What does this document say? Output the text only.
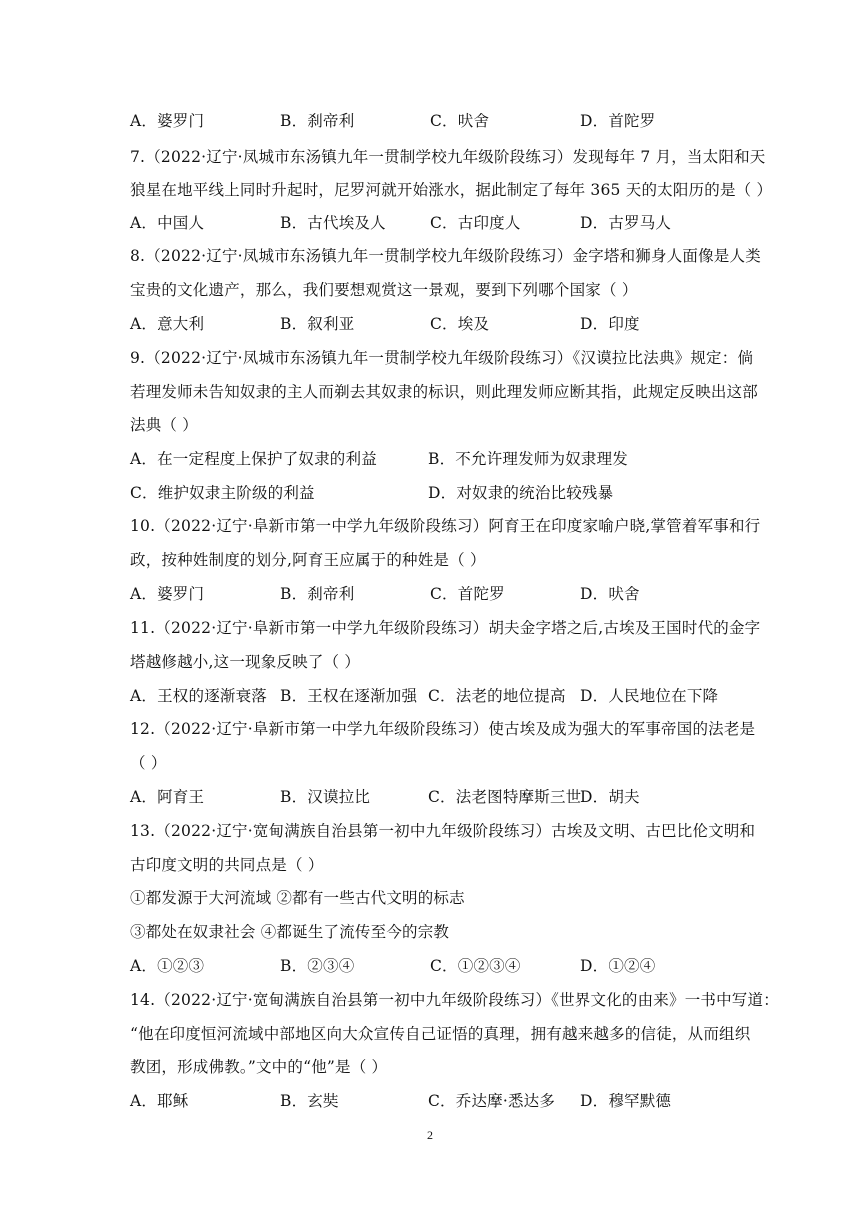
A．婆罗门	B．刹帝利	C．吠舍	D．首陀罗
7.（2022·辽宁·凤城市东汤镇九年一贯制学校九年级阶段练习）发现每年 7 月，当太阳和天
狼星在地平线上同时升起时，尼罗河就开始涨水，据此制定了每年 365 天的太阳历的是（ ）
A．中国人	B．古代埃及人	C．古印度人	D．古罗马人
8.（2022·辽宁·凤城市东汤镇九年一贯制学校九年级阶段练习）金字塔和狮身人面像是人类
宝贵的文化遗产，那么，我们要想观赏这一景观，要到下列哪个国家（ ）
A．意大利	B．叙利亚	C．埃及	D．印度
9.（2022·辽宁·凤城市东汤镇九年一贯制学校九年级阶段练习）《汉谟拉比法典》规定：倘
若理发师未告知奴隶的主人而剃去其奴隶的标识，则此理发师应断其指，此规定反映出这部
法典（ ）
A．在一定程度上保护了奴隶的利益	B．不允许理发师为奴隶理发
C．维护奴隶主阶级的利益	D．对奴隶的统治比较残暴
10.（2022·辽宁·阜新市第一中学九年级阶段练习）阿育王在印度家喻户晓,掌管着军事和行
政，按种姓制度的划分,阿育王应属于的种姓是（ ）
A．婆罗门	B．刹帝利	C．首陀罗	D．吠舍
11.（2022·辽宁·阜新市第一中学九年级阶段练习）胡夫金字塔之后,古埃及王国时代的金字
塔越修越小,这一现象反映了（ ）
A．王权的逐渐衰落 B．王权在逐渐加强 C．法老的地位提高 D．人民地位在下降
12.（2022·辽宁·阜新市第一中学九年级阶段练习）使古埃及成为强大的军事帝国的法老是
（ ）
A．阿育王	B．汉谟拉比	C．法老图特摩斯三世
D．胡夫
13.（2022·辽宁·宽甸满族自治县第一初中九年级阶段练习）古埃及文明、古巴比伦文明和
古印度文明的共同点是（ ）
①都发源于大河流域 ②都有一些古代文明的标志
③都处在奴隶社会 ④都诞生了流传至今的宗教
A．①②③	B．②③④	C．①②③④	D．①②④
14.（2022·辽宁·宽甸满族自治县第一初中九年级阶段练习）《世界文化的由来》一书中写道：
“他在印度恒河流域中部地区向大众宣传自己证悟的真理，拥有越来越多的信徒，从而组织
教团，形成佛教。”文中的“他”是（ ）
A．耶稣	B．玄奘	C．乔达摩·悉达多 D．穆罕默德
2
